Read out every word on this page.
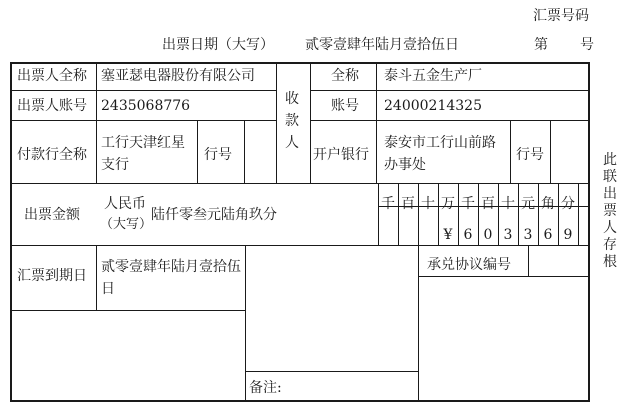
汇票号码
出票日期（大写） 贰零壹肆年陆月壹拾伍日	第 号
出票人全称 塞亚瑟电器股份有限公司
出票人账号 2435068776
付款行全称
工行天津红星支行
行号
收款人
全称 泰斗五金生产厂
账号 24000214325
开户银行
泰安市工行山前路办事处
行号
出票金额
人民币
（大写）
陆仟零叁元陆角玖分
千 百 十 万 千 百 十 元 角 分
¥ 6 0 3 3 6 9
汇票到期日
贰零壹肆年陆月壹拾伍日
承兑协议编号
备注:
此联出票人存根
